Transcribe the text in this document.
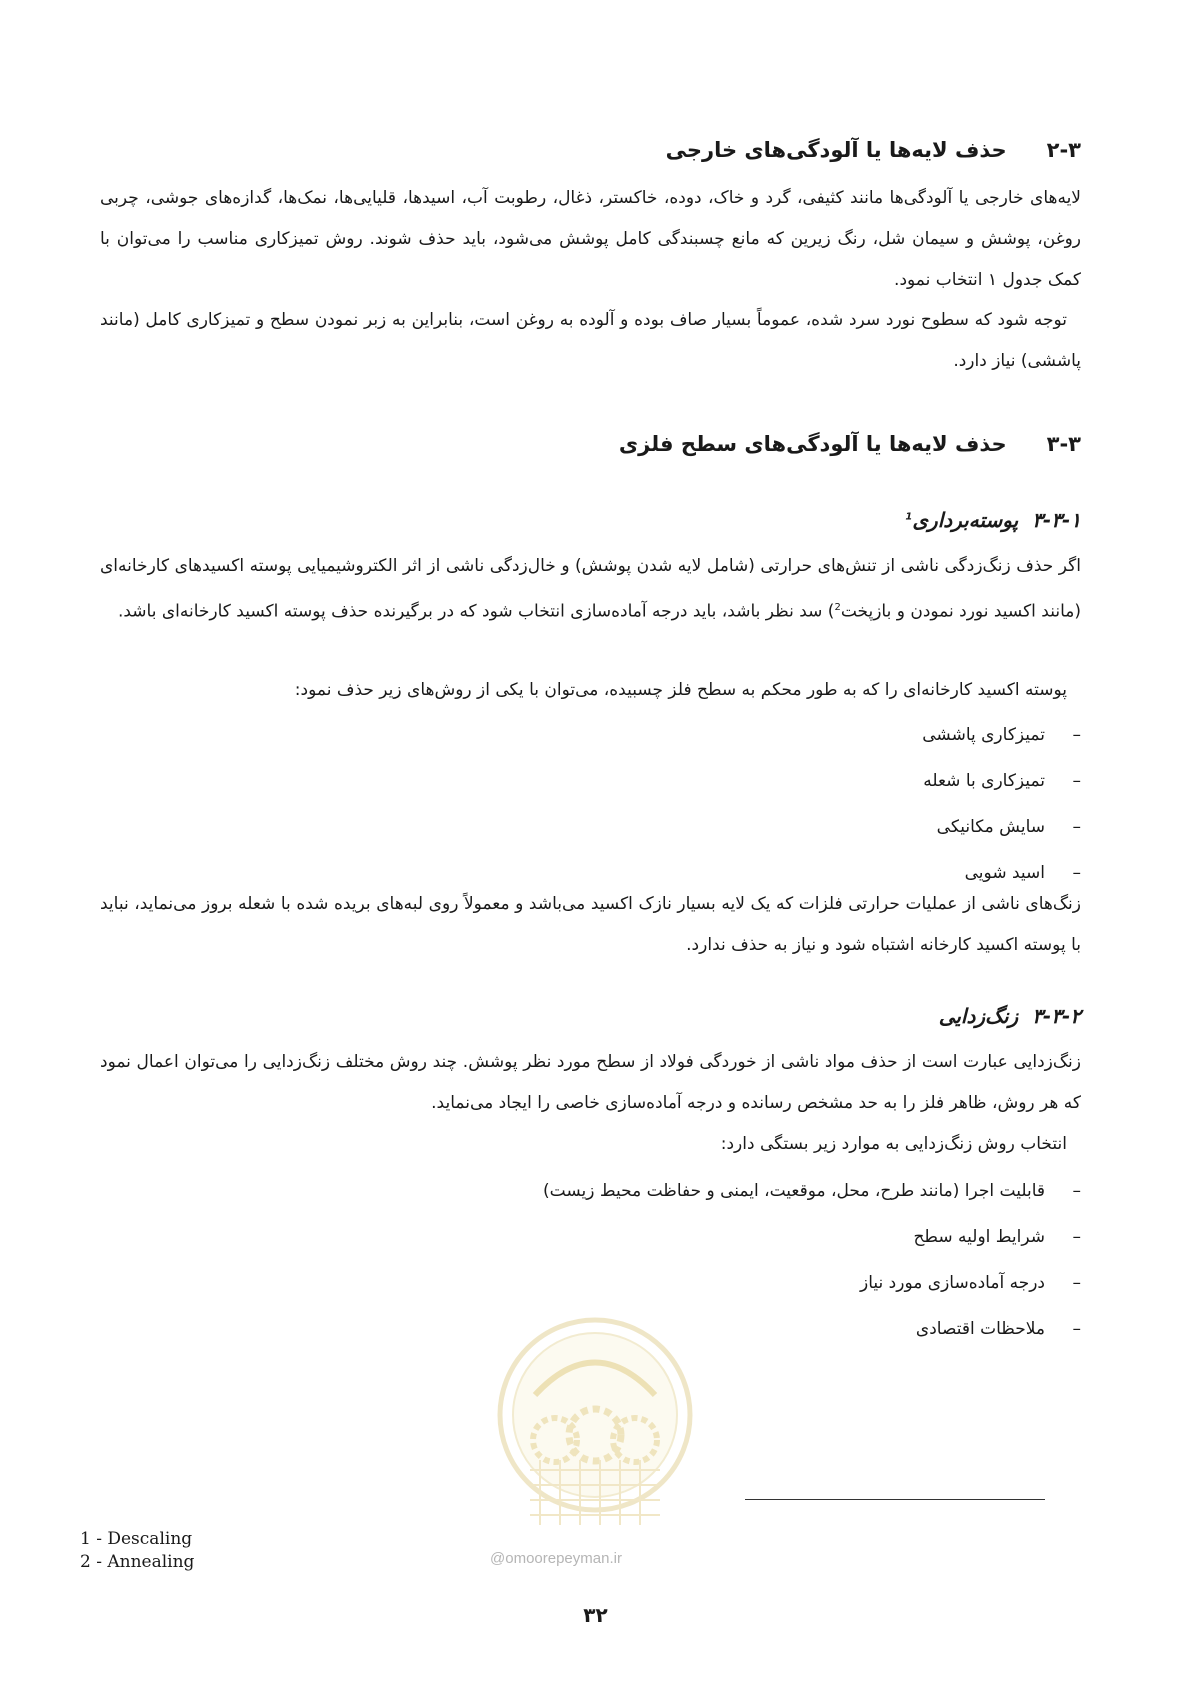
۲-۳حذف لایه‌ها یا آلودگی‌های خارجی

لایه‌های خارجی یا آلودگی‌ها مانند کثیفی، گرد و خاک، دوده، خاکستر، ذغال، رطوبت آب، اسیدها، قلیایی‌ها، نمک‌ها، گدازه‌های جوشی، چربی روغن، پوشش و سیمان شل، رنگ زیرین که مانع چسبندگی کامل پوشش می‌شود، باید حذف شوند. روش تمیزکاری مناسب را می‌توان با کمک جدول ۱ انتخاب نمود.

توجه شود که سطوح نورد سرد شده، عموماً بسیار صاف بوده و آلوده به روغن است، بنابراین به زبر نمودن سطح و تمیزکاری کامل (مانند پاششی) نیاز دارد.

۳-۳حذف لایه‌ها یا آلودگی‌های سطح فلزی
۳-۳-۱پوسته‌برداری$^1$

اگر حذف زنگ‌زدگی ناشی از تنش‌های حرارتی (شامل لایه شدن پوشش) و خال‌زدگی ناشی از اثر الکتروشیمیایی پوسته اکسیدهای کارخانه‌ای (مانند اکسید نورد نمودن و بازپخت$^2$) سد نظر باشد، باید درجه آماده‌سازی انتخاب شود که در برگیرنده حذف پوسته اکسید کارخانه‌ای باشد.

پوسته اکسید کارخانه‌ای را که به طور محکم به سطح فلز چسبیده، می‌توان با یکی از روش‌های زیر حذف نمود:

–تمیزکاری پاششی
–تمیزکاری با شعله
–سایش مکانیکی
–اسید شویی

زنگ‌های ناشی از عملیات حرارتی فلزات که یک لایه بسیار نازک اکسید می‌باشد و معمولاً روی لبه‌های بریده شده با شعله بروز می‌نماید، نباید با پوسته اکسید کارخانه اشتباه شود و نیاز به حذف ندارد.

۳-۳-۲زنگ‌زدایی

زنگ‌زدایی عبارت است از حذف مواد ناشی از خوردگی فولاد از سطح مورد نظر پوشش. چند روش مختلف زنگ‌زدایی را می‌توان اعمال نمود که هر روش، ظاهر فلز را به حد مشخص رسانده و درجه آماده‌سازی خاصی را ایجاد می‌نماید.

انتخاب روش زنگ‌زدایی به موارد زیر بستگی دارد:

–قابلیت اجرا (مانند طرح، محل، موقعیت، ایمنی و حفاظت محیط زیست)
–شرایط اولیه سطح
–درجه آماده‌سازی مورد نیاز
–ملاحظات اقتصادی
@omoorepeyman.ir
1 - Descaling
2 - Annealing
۳۲
